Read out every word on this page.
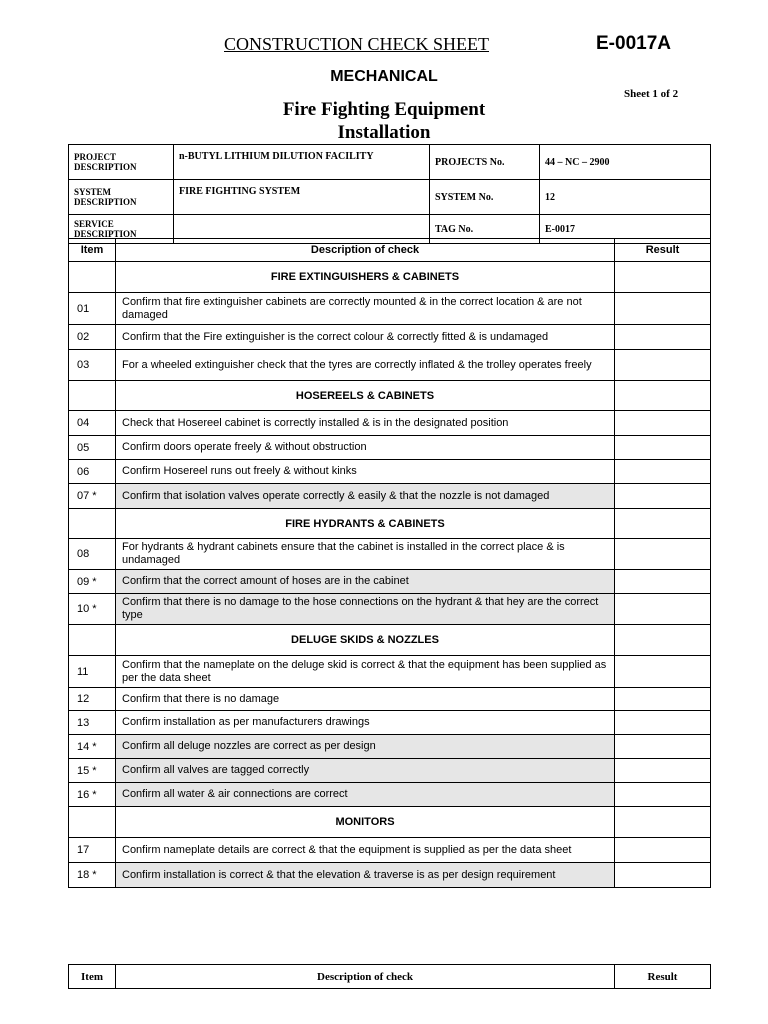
CONSTRUCTION CHECK SHEET	E-0017A
MECHANICAL
Sheet 1 of 2
Fire Fighting Equipment
Installation
PROJECT DESCRIPTION	n-BUTYL LITHIUM DILUTION FACILITY	PROJECTS No.	44 – NC – 2900
SYSTEM DESCRIPTION	FIRE FIGHTING SYSTEM	SYSTEM No.	12
SERVICE DESCRIPTION		TAG No.	E-0017
Item	Description of check	Result
	FIRE EXTINGUISHERS & CABINETS	
01	Confirm that fire extinguisher cabinets are correctly mounted & in the correct location & are not damaged	
02	Confirm that the Fire extinguisher is the correct colour & correctly fitted & is undamaged	
03	For a wheeled extinguisher check that the tyres are correctly inflated & the trolley operates freely	
	HOSEREELS & CABINETS	
04	Check that Hosereel cabinet is correctly installed & is in the designated position	
05	Confirm doors operate freely & without obstruction	
06	Confirm Hosereel runs out freely & without kinks	
07 *	Confirm that isolation valves operate correctly & easily & that the nozzle is not damaged	
	FIRE HYDRANTS & CABINETS	
08	For hydrants & hydrant cabinets ensure that the cabinet is installed in the correct place & is undamaged	
09 *	Confirm that the correct amount of hoses are in the cabinet	
10 *	Confirm that there is no damage to the hose connections on the hydrant & that hey are the correct type	
	DELUGE SKIDS & NOZZLES	
11	Confirm that the nameplate on the deluge skid is correct & that the equipment has been supplied as per the data sheet	
12	Confirm that there is no damage	
13	Confirm installation as per manufacturers drawings	
14 *	Confirm all deluge nozzles are correct as per design	
15 *	Confirm all valves are tagged correctly	
16 *	Confirm all water & air connections are correct	
	MONITORS	
17	Confirm nameplate details are correct & that the equipment is supplied as per the data sheet	
18 *	Confirm installation is correct & that the elevation & traverse is as per design requirement	
Item	Description of check	Result
